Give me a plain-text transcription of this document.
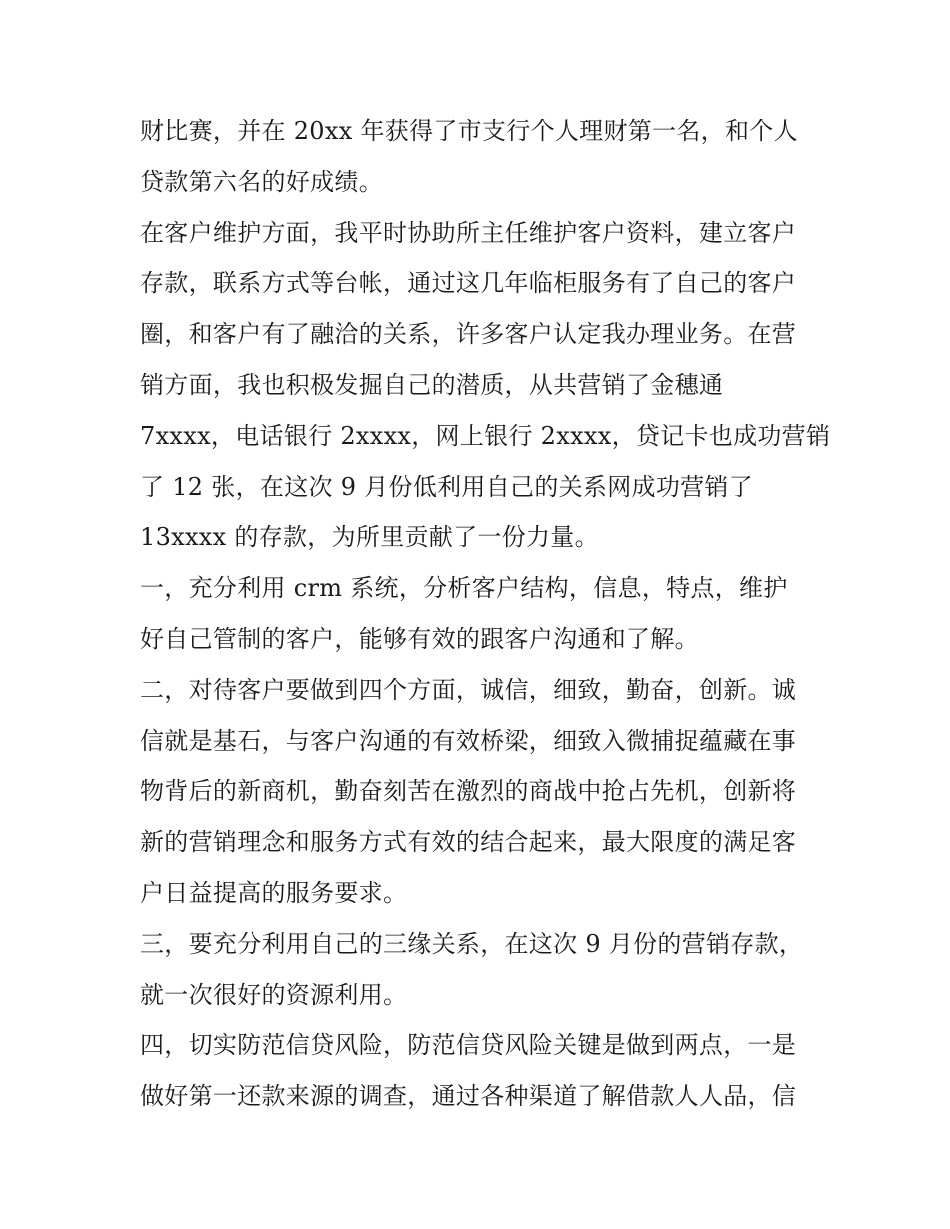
财比赛，并在 20xx 年获得了市支行个人理财第一名，和个人
贷款第六名的好成绩。
在客户维护方面，我平时协助所主任维护客户资料，建立客户
存款，联系方式等台帐，通过这几年临柜服务有了自己的客户
圈，和客户有了融洽的关系，许多客户认定我办理业务。在营
销方面，我也积极发掘自己的潜质，从共营销了金穗通
7xxxx，电话银行 2xxxx，网上银行 2xxxx，贷记卡也成功营销
了 12 张，在这次 9 月份低利用自己的关系网成功营销了
13xxxx 的存款，为所里贡献了一份力量。
一，充分利用 crm 系统，分析客户结构，信息，特点，维护
好自己管制的客户，能够有效的跟客户沟通和了解。
二，对待客户要做到四个方面，诚信，细致，勤奋，创新。诚
信就是基石，与客户沟通的有效桥梁，细致入微捕捉蕴藏在事
物背后的新商机，勤奋刻苦在激烈的商战中抢占先机，创新将
新的营销理念和服务方式有效的结合起来，最大限度的满足客
户日益提高的服务要求。
三，要充分利用自己的三缘关系，在这次 9 月份的营销存款，
就一次很好的资源利用。
四，切实防范信贷风险，防范信贷风险关键是做到两点，一是
做好第一还款来源的调查，通过各种渠道了解借款人人品，信
